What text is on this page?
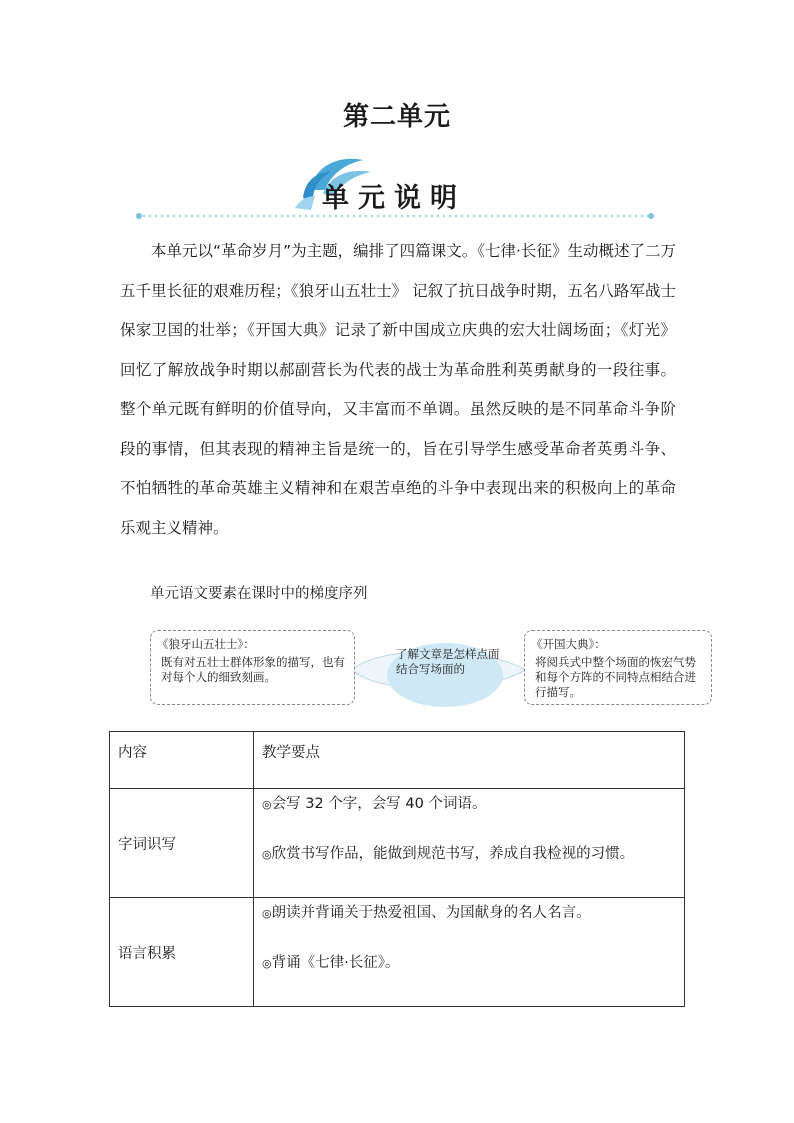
第二单元
单元说明

本单元以“革命岁月”为主题，编排了四篇课文。《七律·长征》生动概述了二万五千里长征的艰难历程；《狼牙山五壮士》 记叙了抗日战争时期，五名八路军战士保家卫国的壮举；《开国大典》记录了新中国成立庆典的宏大壮阔场面；《灯光》回忆了解放战争时期以郝副营长为代表的战士为革命胜利英勇献身的一段往事。整个单元既有鲜明的价值导向，又丰富而不单调。虽然反映的是不同革命斗争阶段的事情，但其表现的精神主旨是统一的，旨在引导学生感受革命者英勇斗争、不怕牺牲的革命英雄主义精神和在艰苦卓绝的斗争中表现出来的积极向上的革命乐观主义精神。

单元语文要素在课时中的梯度序列
《狼牙山五壮士》：
既有对五壮士群体形象的描写，也有对每个人的细致刻画。
了解文章是怎样点面结合写场面的
《开国大典》：
将阅兵式中整个场面的恢宏气势和每个方阵的不同特点相结合进行描写。
内容	教学要点

字词识写	◎会写 32 个字，会写 40 个词语。
◎欣赏书写作品，能做到规范书写，养成自我检视的习惯。

语言积累	◎朗读并背诵关于热爱祖国、为国献身的名人名言。
◎背诵《七律·长征》。
